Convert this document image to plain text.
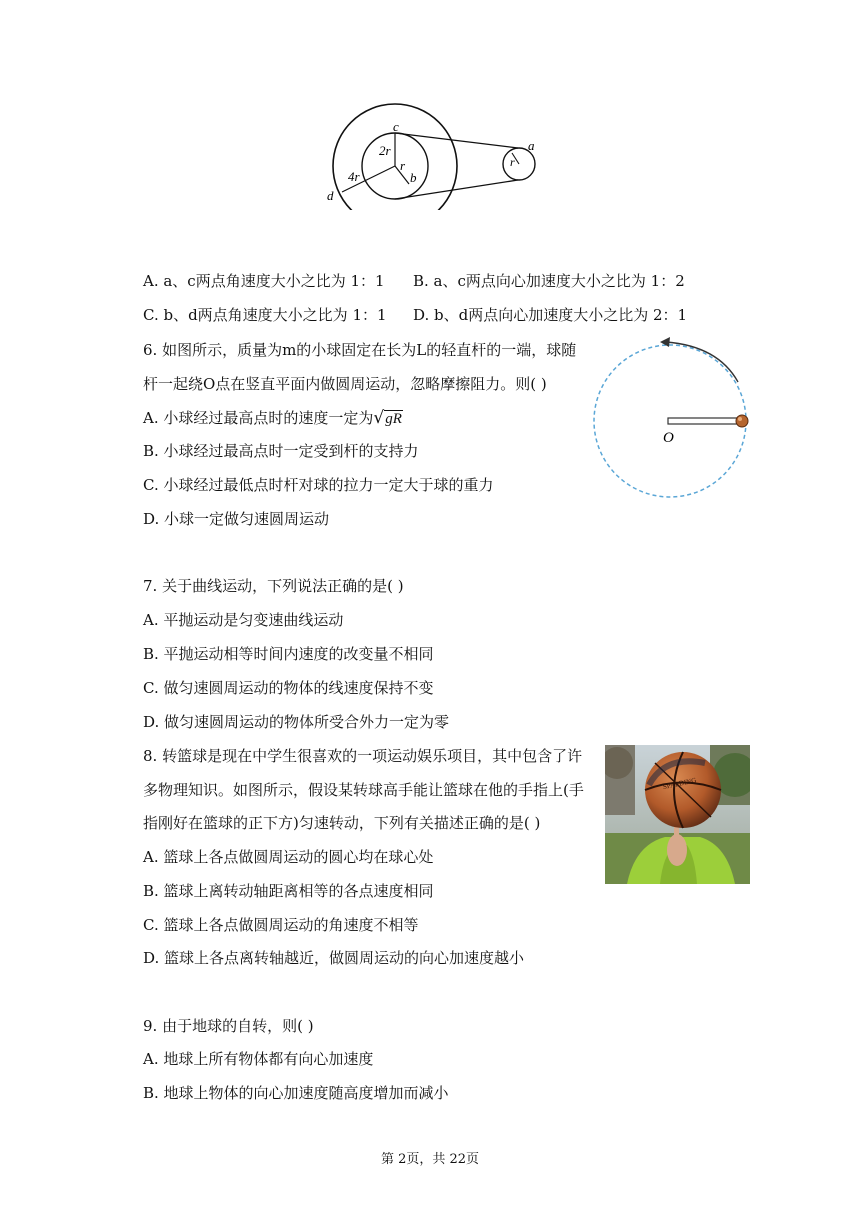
c
2r
r
b
4r
d
r
a
A. a、c两点角速度大小之比为 1：1 B. a、c两点向心加速度大小之比为 1：2
C. b、d两点角速度大小之比为 1：1 D. b、d两点向心加速度大小之比为 2：1
6. 如图所示，质量为m的小球固定在长为L的轻直杆的一端，球随
杆一起绕O点在竖直平面内做圆周运动，忽略摩擦阻力。则( )
A. 小球经过最高点时的速度一定为√gR
B. 小球经过最高点时一定受到杆的支持力
C. 小球经过最低点时杆对球的拉力一定大于球的重力
D. 小球一定做匀速圆周运动
O
7. 关于曲线运动，下列说法正确的是( )
A. 平抛运动是匀变速曲线运动
B. 平抛运动相等时间内速度的改变量不相同
C. 做匀速圆周运动的物体的线速度保持不变
D. 做匀速圆周运动的物体所受合外力一定为零
8. 转篮球是现在中学生很喜欢的一项运动娱乐项目，其中包含了许
多物理知识。如图所示，假设某转球高手能让篮球在他的手指上(手
指刚好在篮球的正下方)匀速转动，下列有关描述正确的是( )
A. 篮球上各点做圆周运动的圆心均在球心处
B. 篮球上离转动轴距离相等的各点速度相同
C. 篮球上各点做圆周运动的角速度不相等
D. 篮球上各点离转轴越近，做圆周运动的向心加速度越小
SPALDING
9. 由于地球的自转，则( )
A. 地球上所有物体都有向心加速度
B. 地球上物体的向心加速度随高度增加而减小
第 2页，共 22页
